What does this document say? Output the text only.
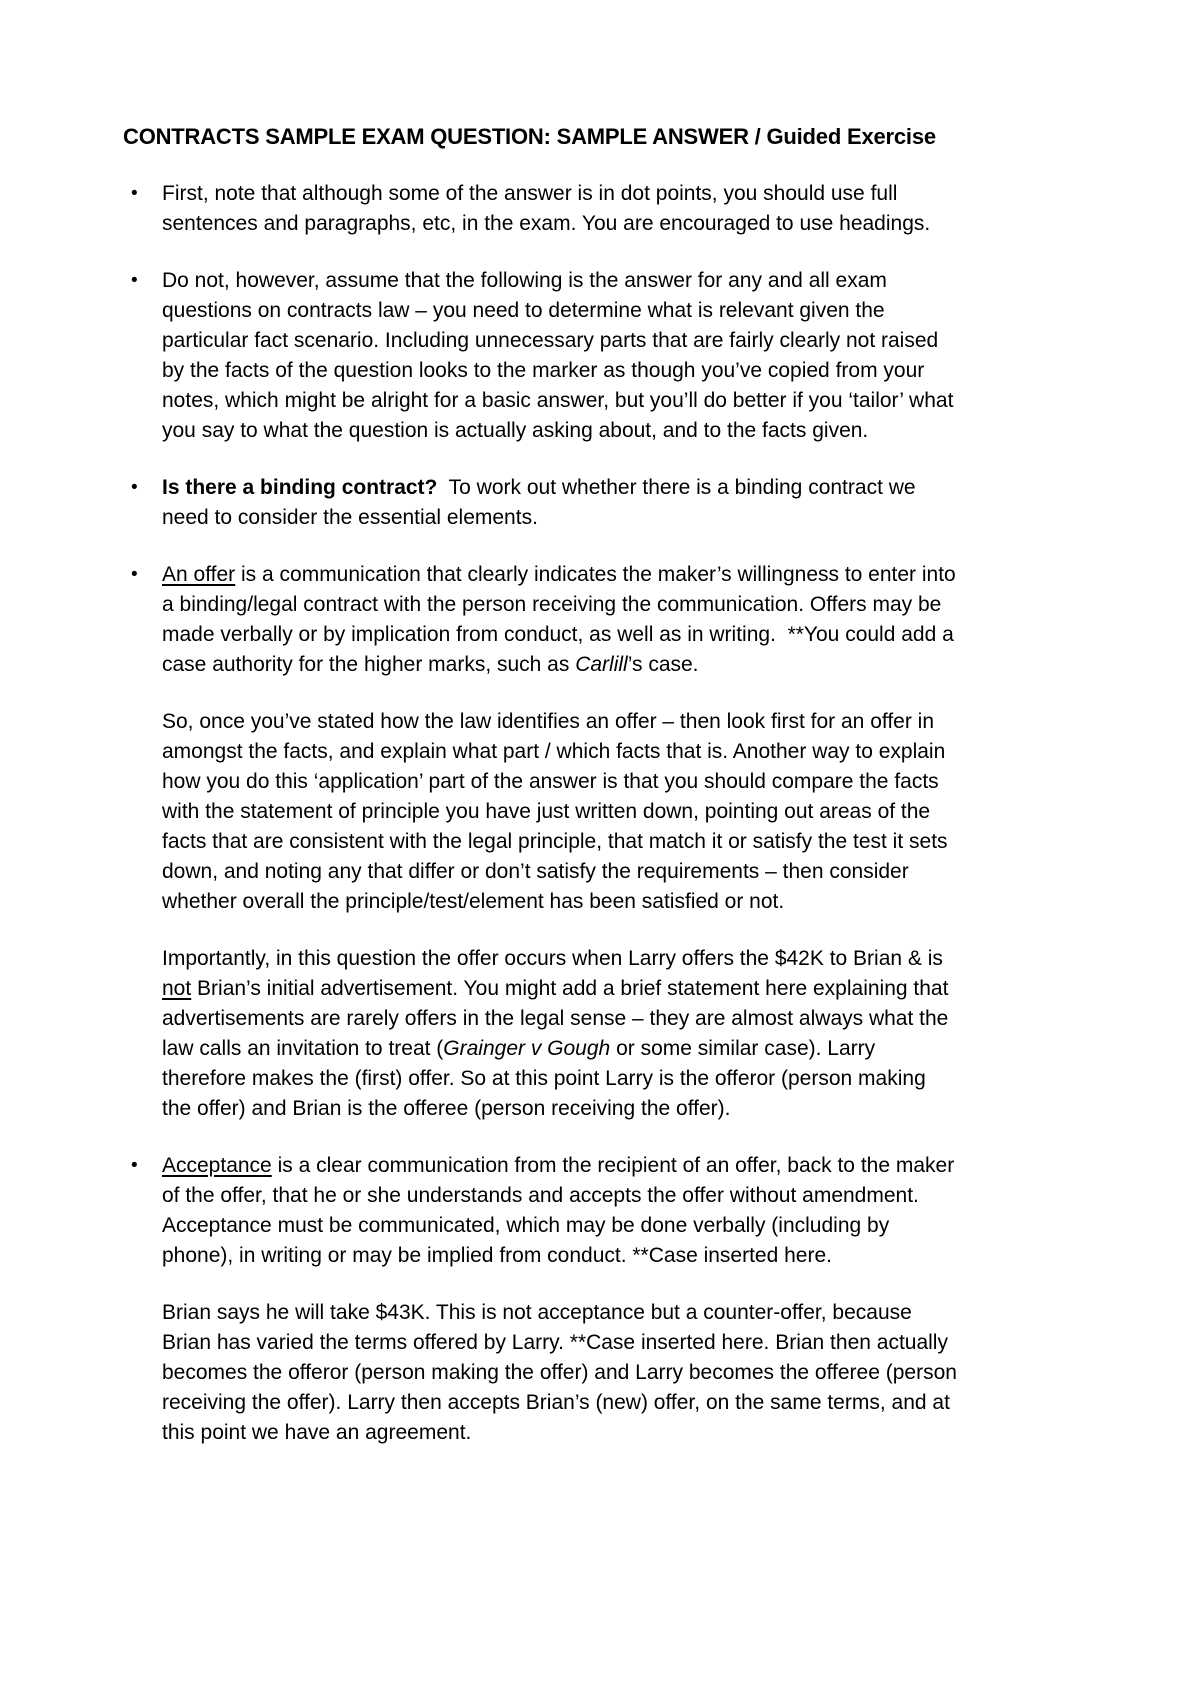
CONTRACTS SAMPLE EXAM QUESTION: SAMPLE ANSWER / Guided Exercise
•	First, note that although some of the answer is in dot points, you should use full sentences and paragraphs, etc, in the exam. You are encouraged to use headings.
•	Do not, however, assume that the following is the answer for any and all exam questions on contracts law – you need to determine what is relevant given the particular fact scenario. Including unnecessary parts that are fairly clearly not raised by the facts of the question looks to the marker as though you’ve copied from your notes, which might be alright for a basic answer, but you’ll do better if you ‘tailor’ what you say to what the question is actually asking about, and to the facts given.
•	Is there a binding contract?  To work out whether there is a binding contract we need to consider the essential elements.
•	An offer is a communication that clearly indicates the maker’s willingness to enter into a binding/legal contract with the person receiving the communication. Offers may be made verbally or by implication from conduct, as well as in writing.  **You could add a case authority for the higher marks, such as Carlill’s case.
So, once you’ve stated how the law identifies an offer – then look first for an offer in amongst the facts, and explain what part / which facts that is. Another way to explain how you do this ‘application’ part of the answer is that you should compare the facts with the statement of principle you have just written down, pointing out areas of the facts that are consistent with the legal principle, that match it or satisfy the test it sets down, and noting any that differ or don’t satisfy the requirements – then consider whether overall the principle/test/element has been satisfied or not.
Importantly, in this question the offer occurs when Larry offers the $42K to Brian & is not Brian’s initial advertisement. You might add a brief statement here explaining that advertisements are rarely offers in the legal sense – they are almost always what the law calls an invitation to treat (Grainger v Gough or some similar case). Larry therefore makes the (first) offer. So at this point Larry is the offeror (person making the offer) and Brian is the offeree (person receiving the offer).
•	Acceptance is a clear communication from the recipient of an offer, back to the maker of the offer, that he or she understands and accepts the offer without amendment. Acceptance must be communicated, which may be done verbally (including by phone), in writing or may be implied from conduct. **Case inserted here.
Brian says he will take $43K. This is not acceptance but a counter-offer, because Brian has varied the terms offered by Larry. **Case inserted here. Brian then actually becomes the offeror (person making the offer) and Larry becomes the offeree (person receiving the offer). Larry then accepts Brian’s (new) offer, on the same terms, and at this point we have an agreement.
